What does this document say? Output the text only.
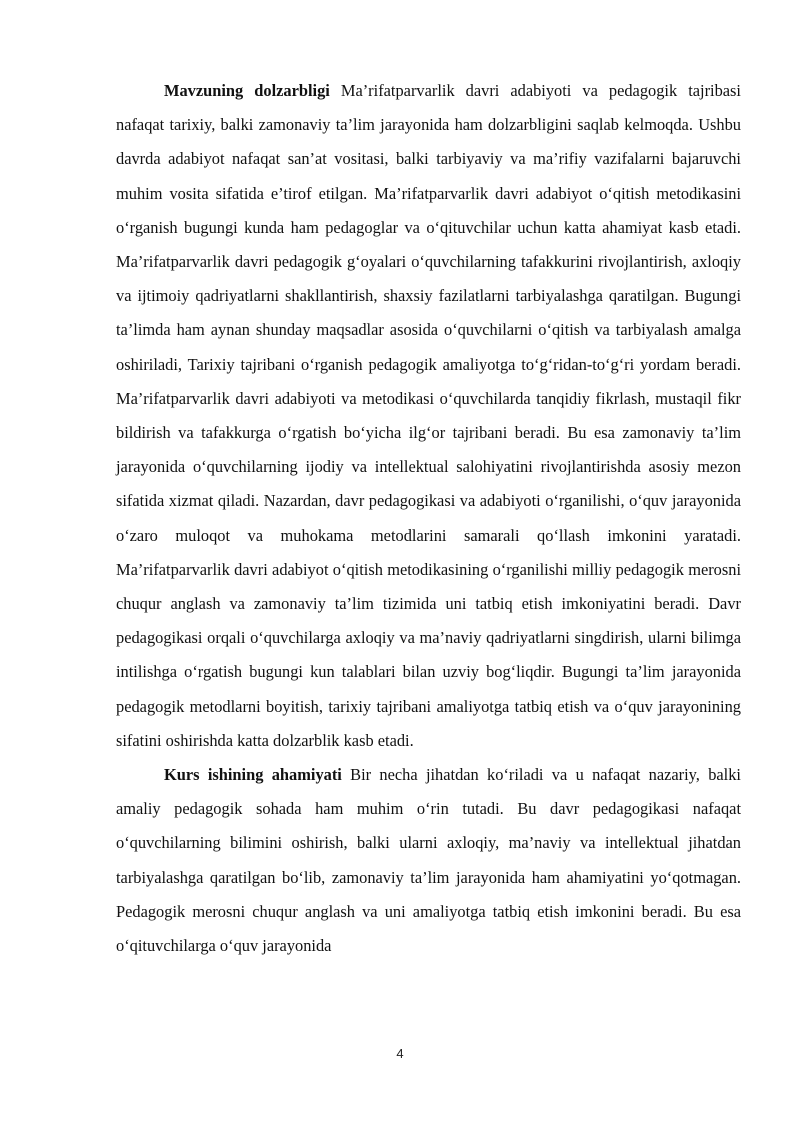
Mavzuning dolzarbligi Ma’rifatparvarlik davri adabiyoti va pedagogik tajribasi nafaqat tarixiy, balki zamonaviy ta’lim jarayonida ham dolzarbligini saqlab kelmoqda. Ushbu davrda adabiyot nafaqat san’at vositasi, balki tarbiyaviy va ma’rifiy vazifalarni bajaruvchi muhim vosita sifatida e’tirof etilgan. Ma’rifatparvarlik davri adabiyot o‘qitish metodikasini o‘rganish bugungi kunda ham pedagoglar va o‘qituvchilar uchun katta ahamiyat kasb etadi. Ma’rifatparvarlik davri pedagogik g‘oyalari o‘quvchilarning tafakkurini rivojlantirish, axloqiy va ijtimoiy qadriyatlarni shakllantirish, shaxsiy fazilatlarni tarbiyalashga qaratilgan. Bugungi ta’limda ham aynan shunday maqsadlar asosida o‘quvchilarni o‘qitish va tarbiyalash amalga oshiriladi, Tarixiy tajribani o‘rganish pedagogik amaliyotga to‘g‘ridan-to‘g‘ri yordam beradi. Ma’rifatparvarlik davri adabiyoti va metodikasi o‘quvchilarda tanqidiy fikrlash, mustaqil fikr bildirish va tafakkurga o‘rgatish bo‘yicha ilg‘or tajribani beradi. Bu esa zamonaviy ta’lim jarayonida o‘quvchilarning ijodiy va intellektual salohiyatini rivojlantirishda asosiy mezon sifatida xizmat qiladi. Nazardan, davr pedagogikasi va adabiyoti o‘rganilishi, o‘quv jarayonida o‘zaro muloqot va muhokama metodlarini samarali qo‘llash imkonini yaratadi. Ma’rifatparvarlik davri adabiyot o‘qitish metodikasining o‘rganilishi milliy pedagogik merosni chuqur anglash va zamonaviy ta’lim tizimida uni tatbiq etish imkoniyatini beradi. Davr pedagogikasi orqali o‘quvchilarga axloqiy va ma’naviy qadriyatlarni singdirish, ularni bilimga intilishga o‘rgatish bugungi kun talablari bilan uzviy bog‘liqdir. Bugungi ta’lim jarayonida pedagogik metodlarni boyitish, tarixiy tajribani amaliyotga tatbiq etish va o‘quv jarayonining sifatini oshirishda katta dolzarblik kasb etadi.

Kurs ishining ahamiyati Bir necha jihatdan ko‘riladi va u nafaqat nazariy, balki amaliy pedagogik sohada ham muhim o‘rin tutadi. Bu davr pedagogikasi nafaqat o‘quvchilarning bilimini oshirish, balki ularni axloqiy, ma’naviy va intellektual jihatdan tarbiyalashga qaratilgan bo‘lib, zamonaviy ta’lim jarayonida ham ahamiyatini yo‘qotmagan. Pedagogik merosni chuqur anglash va uni amaliyotga tatbiq etish imkonini beradi. Bu esa o‘qituvchilarga o‘quv jarayonida

4
